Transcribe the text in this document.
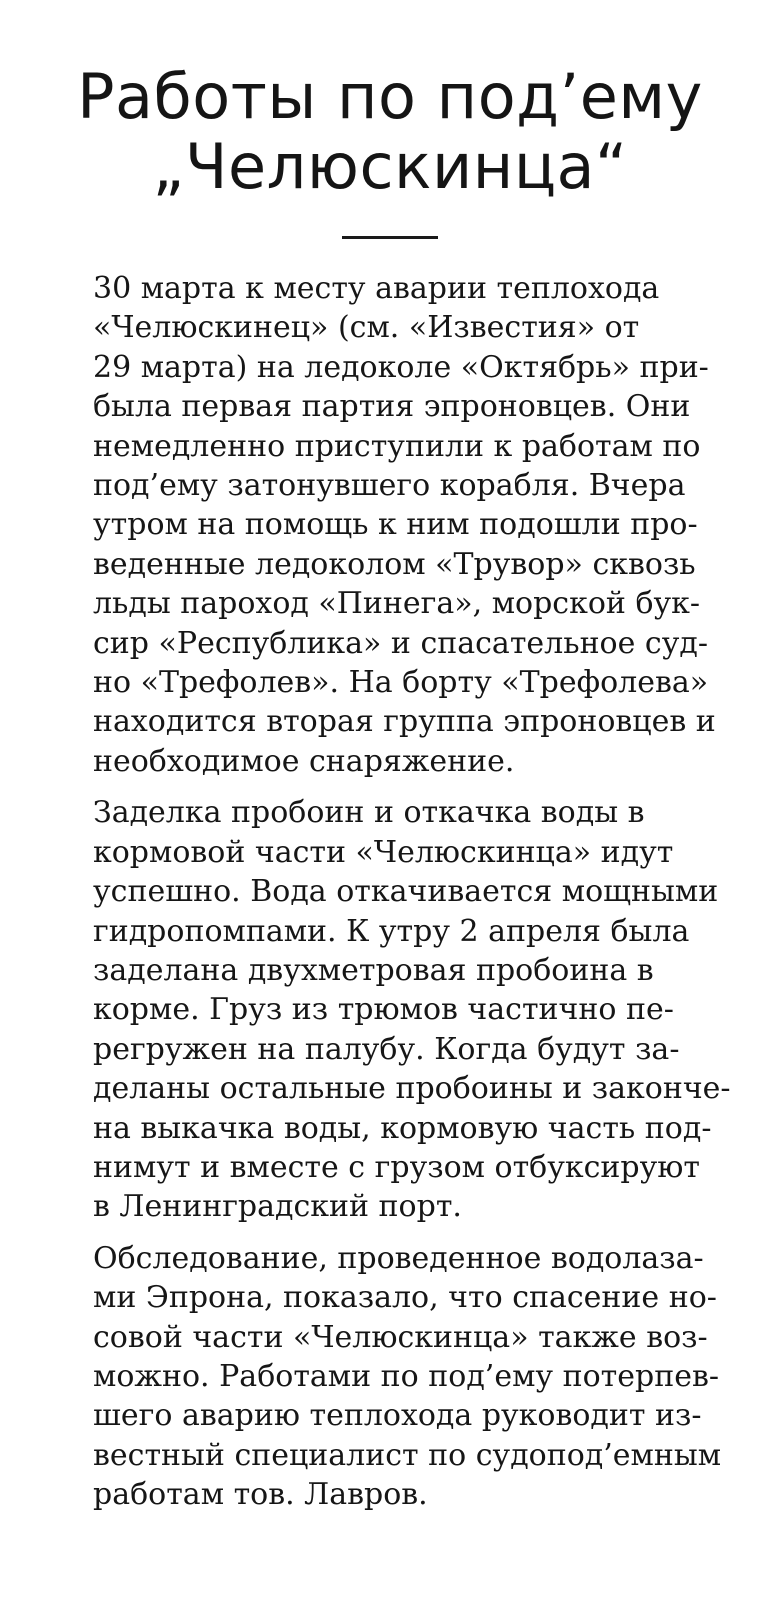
Работы по под’ему
„Челюскинца“
30 марта к месту аварии теплохода
«Челюскинец» (см. «Известия» от
29 марта) на ледоколе «Октябрь» при-
была первая партия эпроновцев. Они
немедленно приступили к работам по
под’ему затонувшего корабля. Вчера
утром на помощь к ним подошли про-
веденные ледоколом «Трувор» сквозь
льды пароход «Пинега», морской бук-
сир «Республика» и спасательное суд-
но «Трефолев». На борту «Трефолева»
находится вторая группа эпроновцев и
необходимое снаряжение.
Заделка пробоин и откачка воды в
кормовой части «Челюскинца» идут
успешно. Вода откачивается мощными
гидропомпами. К утру 2 апреля была
заделана двухметровая пробоина в
корме. Груз из трюмов частично пе-
регружен на палубу. Когда будут за-
деланы остальные пробоины и законче-
на выкачка воды, кормовую часть под-
нимут и вместе с грузом отбуксируют
в Ленинградский порт.
Обследование, проведенное водолаза-
ми Эпрона, показало, что спасение но-
совой части «Челюскинца» также воз-
можно. Работами по под’ему потерпев-
шего аварию теплохода руководит из-
вестный специалист по судопод’емным
работам тов. Лавров.
